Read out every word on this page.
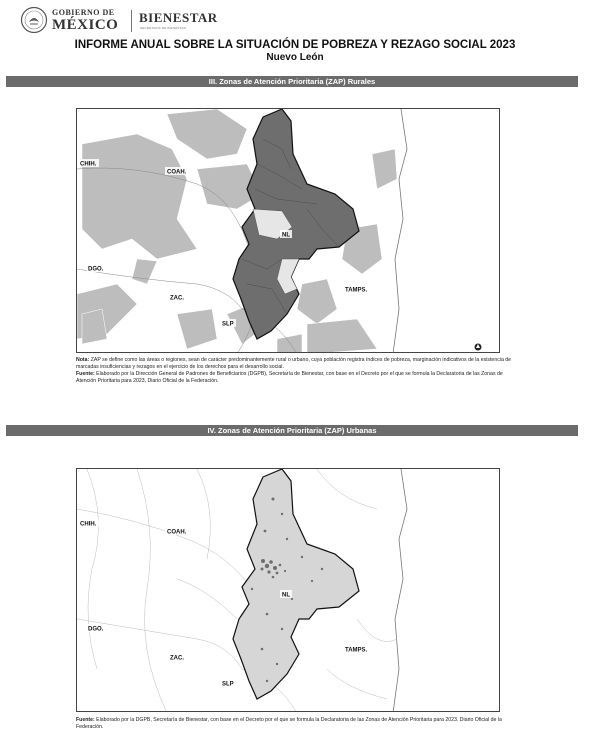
GOBIERNO DE
MÉXICO BIENESTAR
SECRETARÍA DE BIENESTAR
INFORME ANUAL SOBRE LA SITUACIÓN DE POBREZA Y REZAGO SOCIAL 2023
Nuevo León
III. Zonas de Atención Prioritaria (ZAP) Rurales
CHIH.
COAH.
NL
DGO.
ZAC.
SLP
TAMPS.
Nota: ZAP se define como las áreas o regiones, sean de carácter predominantemente rural o urbano, cuya población registra índices de pobreza, marginación indicativos de la existencia de marcadas insuficiencias y rezagos en el ejercicio de los derechos para el desarrollo social.
Fuente: Elaborado por la Dirección General de Padrones de Beneficiarios (DGPB), Secretaría de Bienestar, con base en el Decreto por el que se formula la Declaratoria de las Zonas de Atención Prioritaria para 2023, Diario Oficial de la Federación.
IV. Zonas de Atención Prioritaria (ZAP) Urbanas
CHIH.
COAH.
NL
DGO.
ZAC.
SLP
TAMPS.
Fuente: Elaborado por la DGPB, Secretaría de Bienestar, con base en el Decreto por el que se formula la Declaratoria de las Zonas de Atención Prioritaria para 2023. Diario Oficial de la Federación.
